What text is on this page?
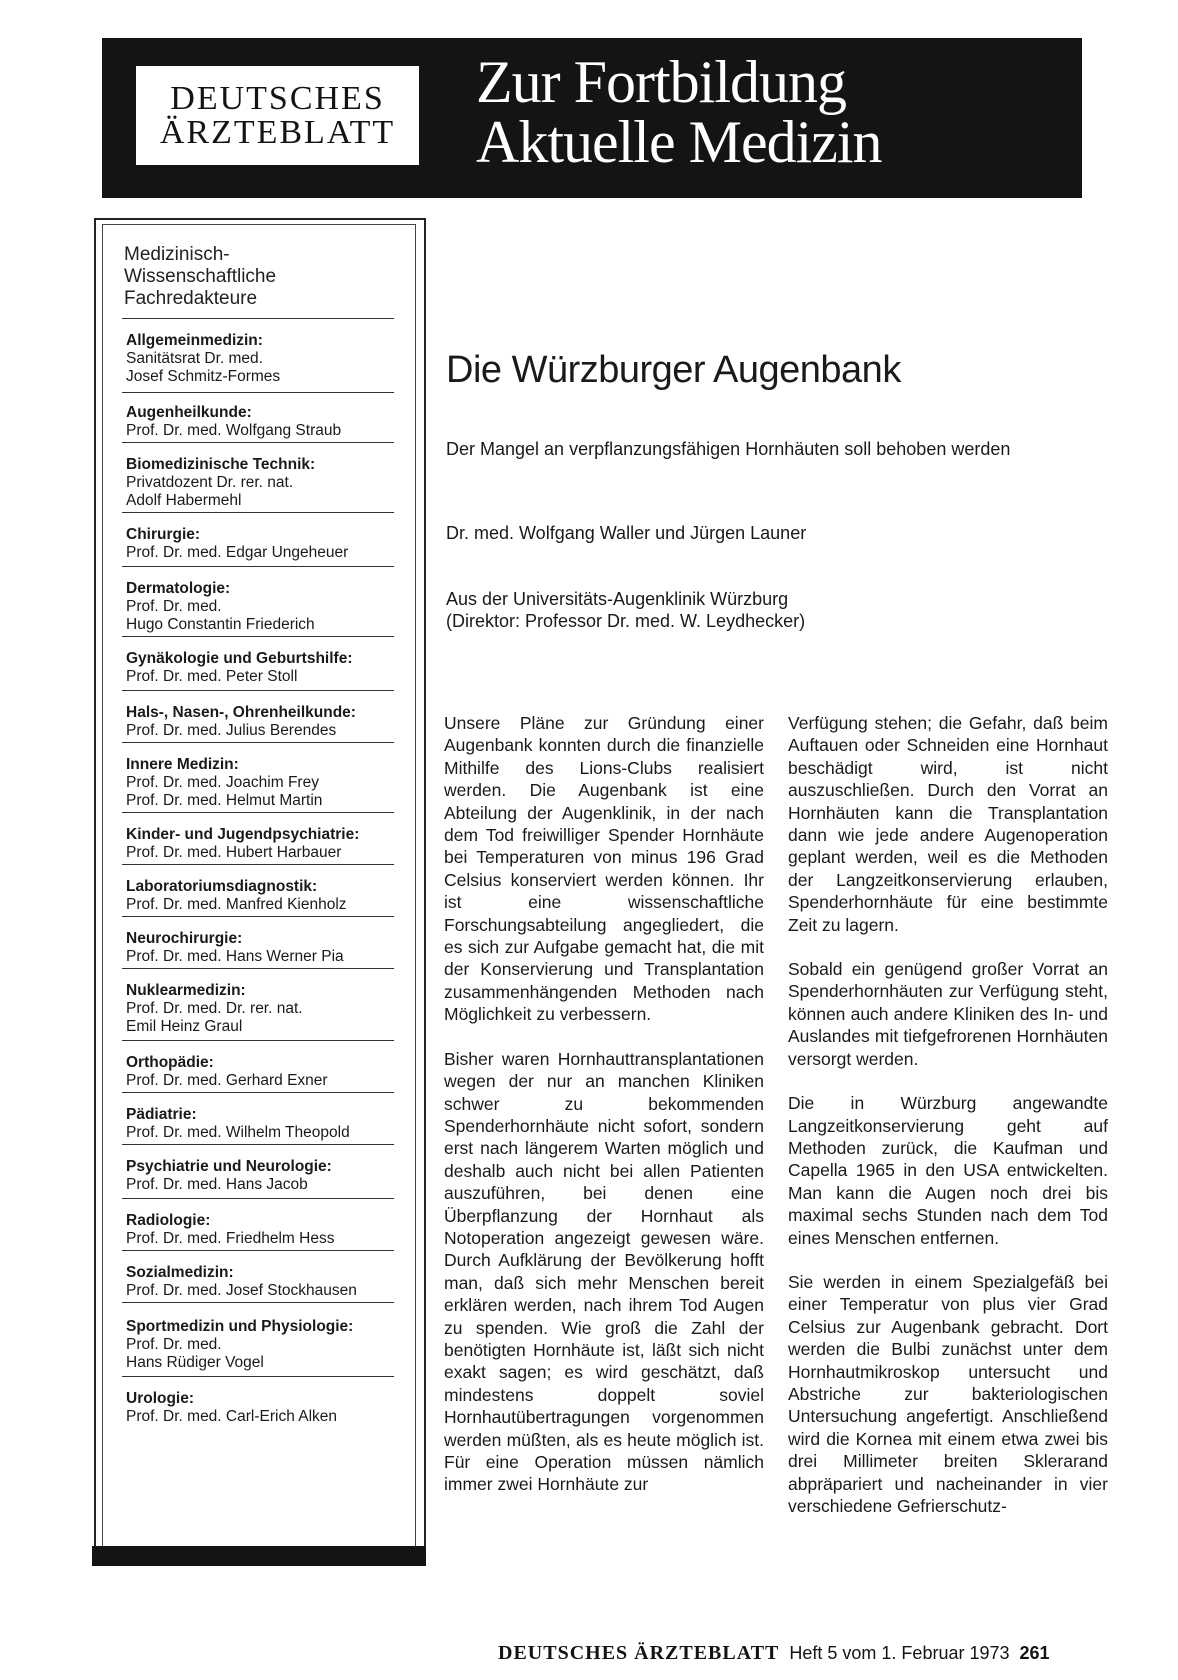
DEUTSCHES
ÄRZTEBLATT
Zur Fortbildung
Aktuelle Medizin
Medizinisch-
Wissenschaftliche
Fachredakteure
Allgemeinmedizin:
Sanitätsrat Dr. med.
Josef Schmitz-Formes
Augenheilkunde:
Prof. Dr. med. Wolfgang Straub
Biomedizinische Technik:
Privatdozent Dr. rer. nat.
Adolf Habermehl
Chirurgie:
Prof. Dr. med. Edgar Ungeheuer
Dermatologie:
Prof. Dr. med.
Hugo Constantin Friederich
Gynäkologie und Geburtshilfe:
Prof. Dr. med. Peter Stoll
Hals-, Nasen-, Ohrenheilkunde:
Prof. Dr. med. Julius Berendes
Innere Medizin:
Prof. Dr. med. Joachim Frey
Prof. Dr. med. Helmut Martin
Kinder- und Jugendpsychiatrie:
Prof. Dr. med. Hubert Harbauer
Laboratoriumsdiagnostik:
Prof. Dr. med. Manfred Kienholz
Neurochirurgie:
Prof. Dr. med. Hans Werner Pia
Nuklearmedizin:
Prof. Dr. med. Dr. rer. nat.
Emil Heinz Graul
Orthopädie:
Prof. Dr. med. Gerhard Exner
Pädiatrie:
Prof. Dr. med. Wilhelm Theopold
Psychiatrie und Neurologie:
Prof. Dr. med. Hans Jacob
Radiologie:
Prof. Dr. med. Friedhelm Hess
Sozialmedizin:
Prof. Dr. med. Josef Stockhausen
Sportmedizin und Physiologie:
Prof. Dr. med.
Hans Rüdiger Vogel
Urologie:
Prof. Dr. med. Carl-Erich Alken
Die Würzburger Augenbank
Der Mangel an verpflanzungsfähigen Hornhäuten soll behoben werden
Dr. med. Wolfgang Waller und Jürgen Launer
Aus der Universitäts-Augenklinik Würzburg
(Direktor: Professor Dr. med. W. Leydhecker)

Unsere Pläne zur Gründung einer Augenbank konnten durch die finanzielle Mithilfe des Lions-Clubs realisiert werden. Die Augenbank ist eine Abteilung der Augenklinik, in der nach dem Tod freiwilliger Spender Hornhäute bei Temperaturen von minus 196 Grad Celsius konserviert werden können. Ihr ist eine wissenschaftliche Forschungsabteilung angegliedert, die es sich zur Aufgabe gemacht hat, die mit der Konservierung und Transplantation zusammenhängenden Methoden nach Möglichkeit zu verbessern.

Bisher waren Hornhauttransplantationen wegen der nur an manchen Kliniken schwer zu bekommenden Spenderhornhäute nicht sofort, sondern erst nach längerem Warten möglich und deshalb auch nicht bei allen Patienten auszuführen, bei denen eine Überpflanzung der Hornhaut als Notoperation angezeigt gewesen wäre. Durch Aufklärung der Bevölkerung hofft man, daß sich mehr Menschen bereit erklären werden, nach ihrem Tod Augen zu spenden. Wie groß die Zahl der benötigten Hornhäute ist, läßt sich nicht exakt sagen; es wird geschätzt, daß mindestens doppelt soviel Hornhautübertragungen vorgenommen werden müßten, als es heute möglich ist. Für eine Operation müssen nämlich immer zwei Hornhäute zur

Verfügung stehen; die Gefahr, daß beim Auftauen oder Schneiden eine Hornhaut beschädigt wird, ist nicht auszuschließen. Durch den Vorrat an Hornhäuten kann die Transplantation dann wie jede andere Augenoperation geplant werden, weil es die Methoden der Langzeitkonservierung erlauben, Spenderhornhäute für eine bestimmte Zeit zu lagern.

Sobald ein genügend großer Vorrat an Spenderhornhäuten zur Verfügung steht, können auch andere Kliniken des In- und Auslandes mit tiefgefrorenen Hornhäuten versorgt werden.

Die in Würzburg angewandte Langzeitkonservierung geht auf Methoden zurück, die Kaufman und Capella 1965 in den USA entwickelten. Man kann die Augen noch drei bis maximal sechs Stunden nach dem Tod eines Menschen entfernen.

Sie werden in einem Spezialgefäß bei einer Temperatur von plus vier Grad Celsius zur Augenbank gebracht. Dort werden die Bulbi zunächst unter dem Hornhautmikroskop untersucht und Abstriche zur bakteriologischen Untersuchung angefertigt. Anschließend wird die Kornea mit einem etwa zwei bis drei Millimeter breiten Sklerarand abpräpariert und nacheinander in vier verschiedene Gefrierschutz-

DEUTSCHES ÄRZTEBLATT Heft 5 vom 1. Februar 1973 261
